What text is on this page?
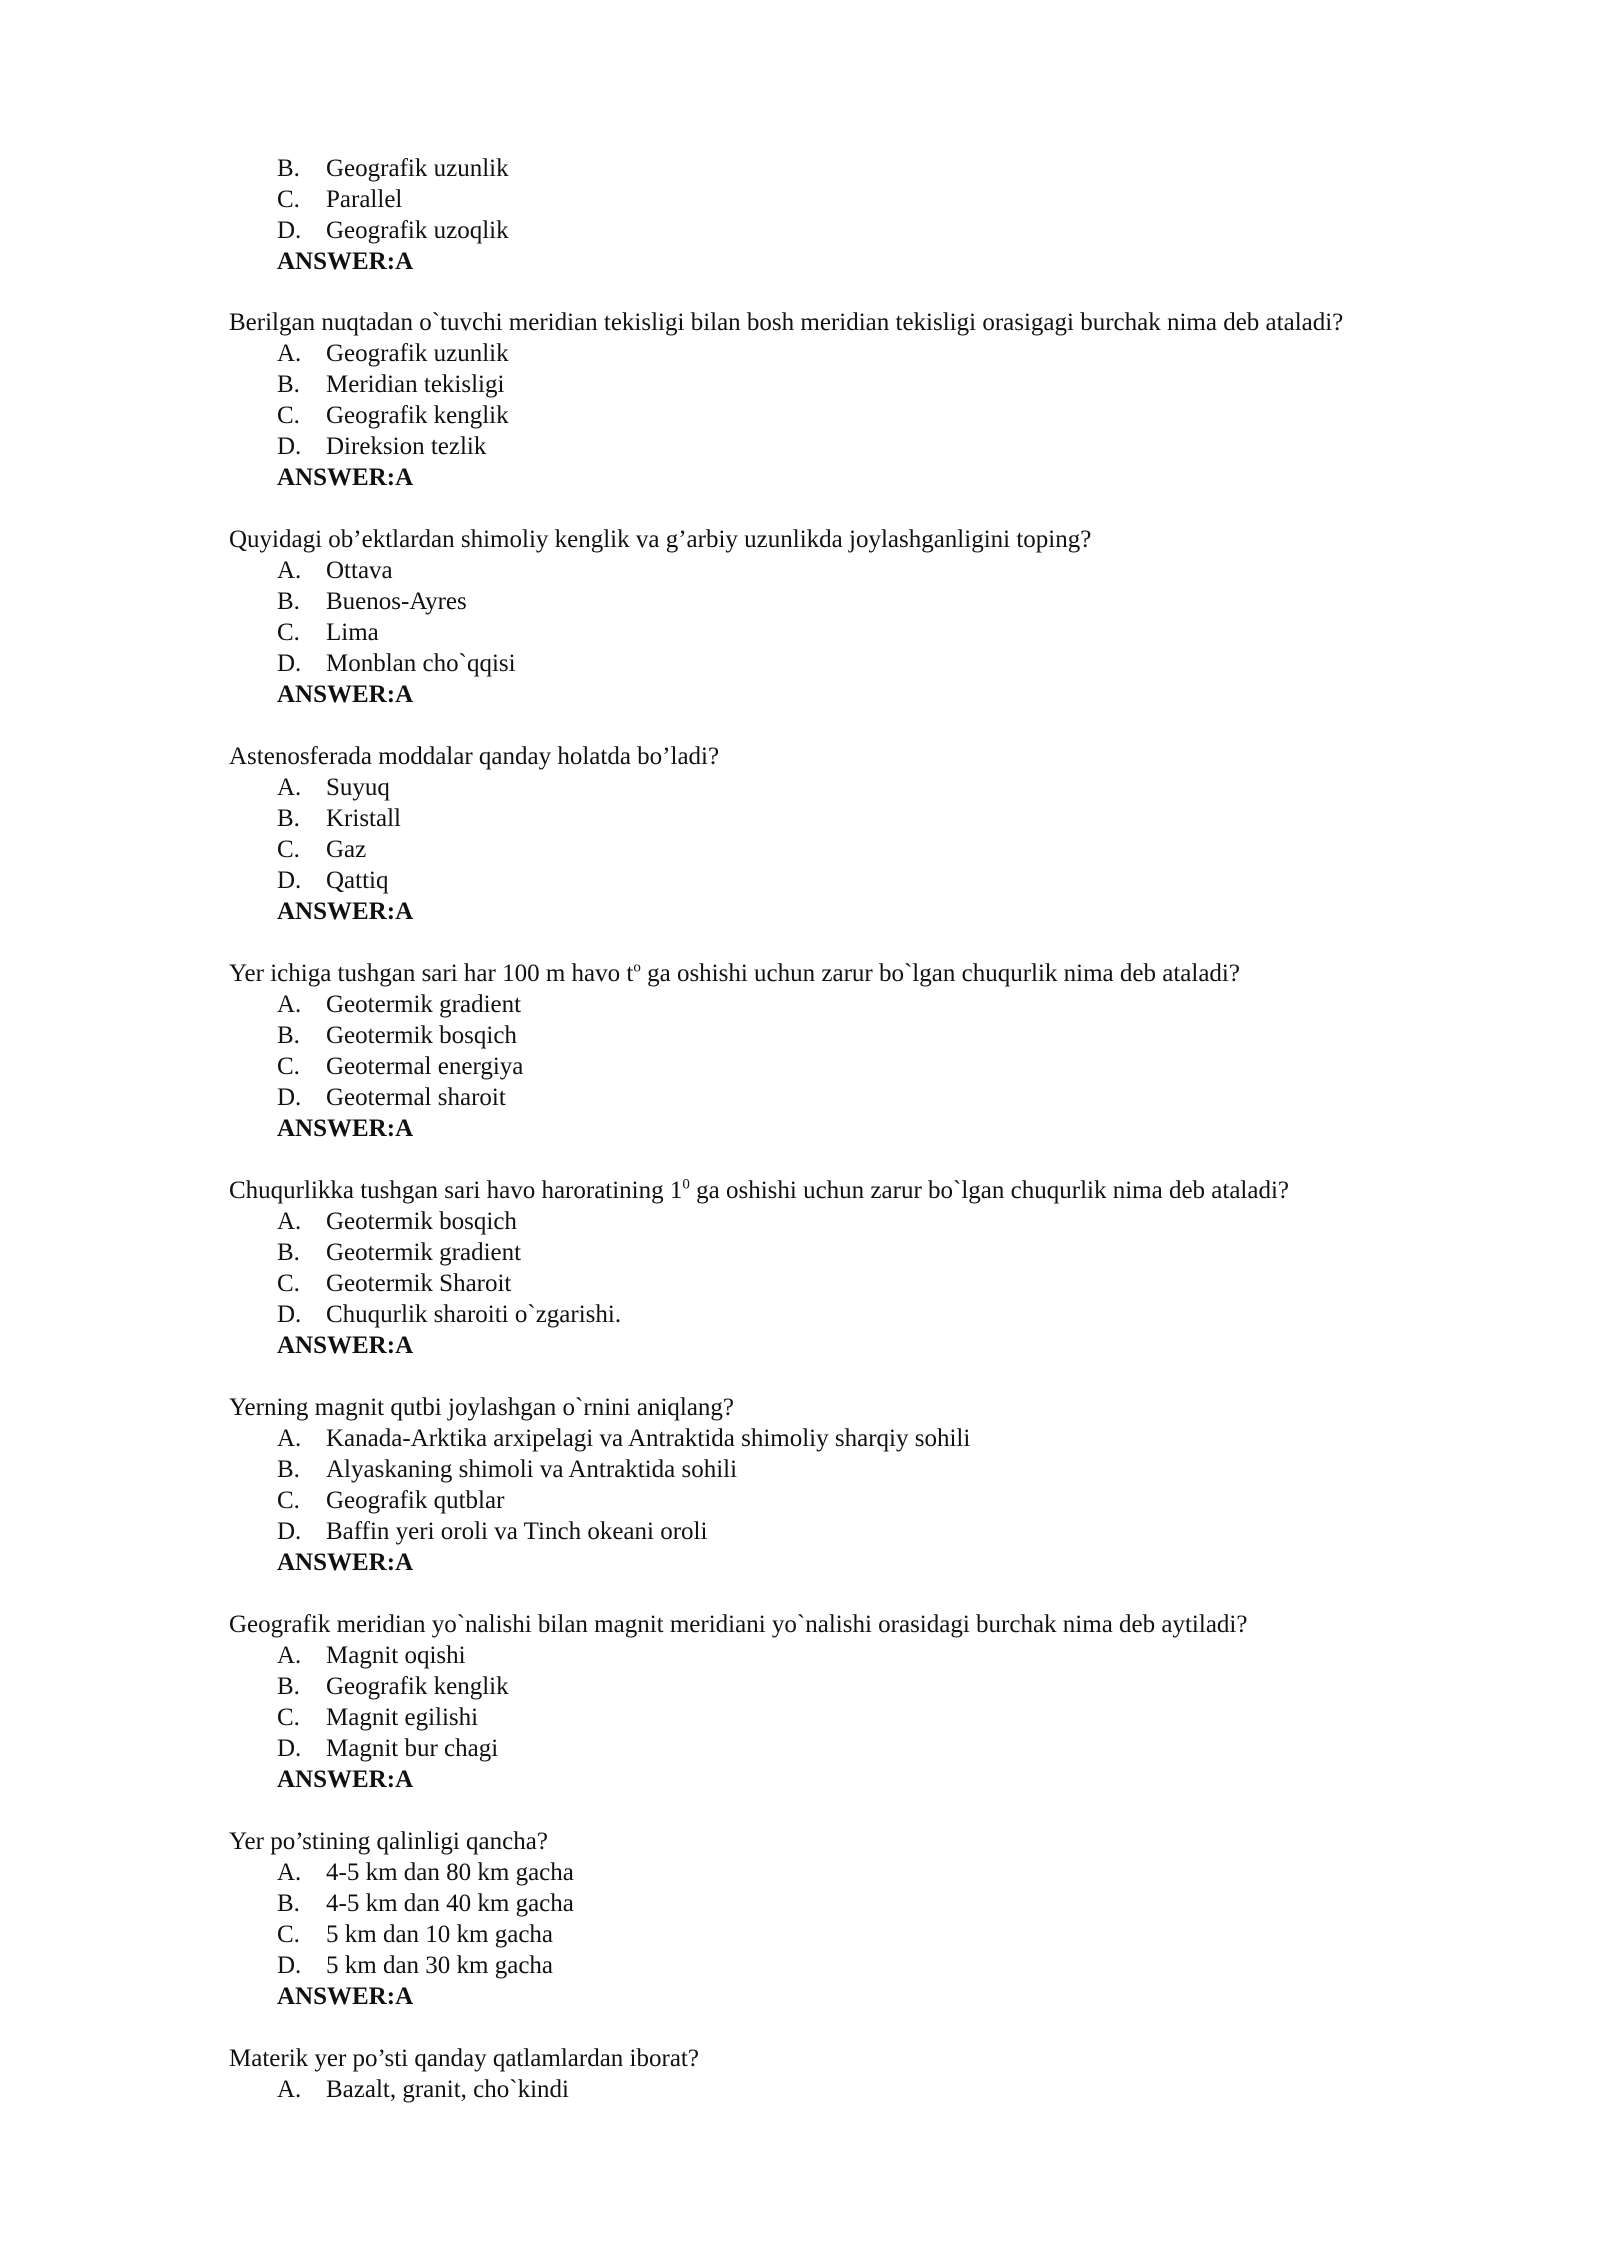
B. Geografik uzunlik
C. Parallel
D. Geografik uzoqlik
ANSWER:A
Berilgan nuqtadan o`tuvchi meridian tekisligi bilan bosh meridian tekisligi orasigagi burchak nima deb ataladi?
A. Geografik uzunlik
B. Meridian tekisligi
C. Geografik kenglik
D. Direksion tezlik
ANSWER:A
Quyidagi ob’ektlardan shimoliy kenglik va g’arbiy uzunlikda joylashganligini toping?
A. Ottava
B. Buenos-Ayres
C. Lima
D. Monblan cho`qqisi
ANSWER:A
Astenosferada moddalar qanday holatda bo’ladi?
A. Suyuq
B. Kristall
C. Gaz
D. Qattiq
ANSWER:A
Yer ichiga tushgan sari har 100 m havo $t^o$ ga oshishi uchun zarur bo`lgan chuqurlik nima deb ataladi?
A. Geotermik gradient
B. Geotermik bosqich
C. Geotermal energiya
D. Geotermal sharoit
ANSWER:A
Chuqurlikka tushgan sari havo haroratining $1^0$ ga oshishi uchun zarur bo`lgan chuqurlik nima deb ataladi?
A. Geotermik bosqich
B. Geotermik gradient
C. Geotermik Sharoit
D. Chuqurlik sharoiti o`zgarishi.
ANSWER:A
Yerning magnit qutbi joylashgan o`rnini aniqlang?
A. Kanada-Arktika arxipelagi va Antraktida shimoliy sharqiy sohili
B. Alyaskaning shimoli va Antraktida sohili
C. Geografik qutblar
D. Baffin yeri oroli va Tinch okeani oroli
ANSWER:A
Geografik meridian yo`nalishi bilan magnit meridiani yo`nalishi orasidagi burchak nima deb aytiladi?
A. Magnit oqishi
B. Geografik kenglik
C. Magnit egilishi
D. Magnit bur chagi
ANSWER:A
Yer po’stining qalinligi qancha?
A. 4-5 km dan 80 km gacha
B. 4-5 km dan 40 km gacha
C. 5 km dan 10 km gacha
D. 5 km dan 30 km gacha
ANSWER:A
Materik yer po’sti qanday qatlamlardan iborat?
A. Bazalt, granit, cho`kindi
